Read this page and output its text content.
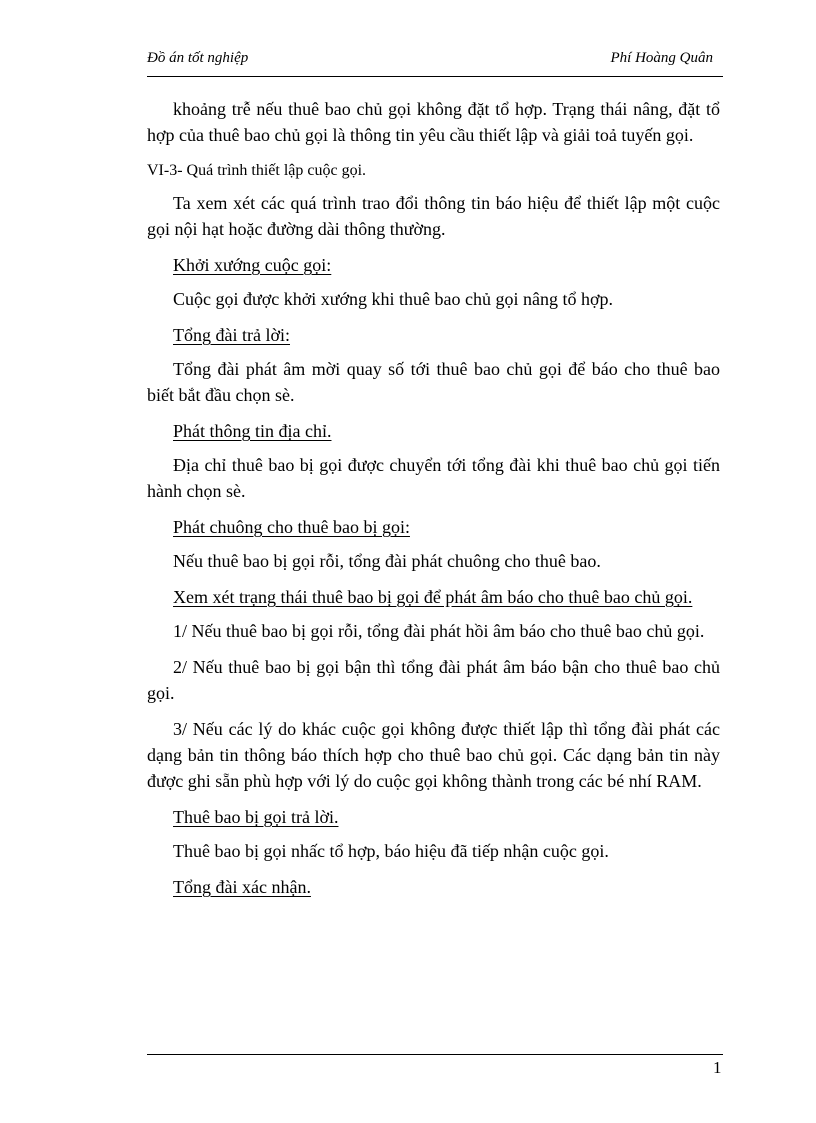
Đồ án tốt nghiệp	Phí Hoàng Quân

khoảng trễ nếu thuê bao chủ gọi không đặt tổ hợp. Trạng thái nâng, đặt tổ hợp của thuê bao chủ gọi là thông tin yêu cầu thiết lập và giải toả tuyến gọi.

VI-3- Quá trình thiết lập cuộc gọi.

Ta xem xét các quá trình trao đổi thông tin báo hiệu để thiết lập một cuộc gọi nội hạt hoặc đường dài thông thường.

Khởi xướng cuộc gọi:

Cuộc gọi được khởi xướng khi thuê bao chủ gọi nâng tổ hợp.

Tổng đài trả lời:

Tổng đài phát âm mời quay số tới thuê bao chủ gọi để báo cho thuê bao biết bắt đầu chọn sè.

Phát thông tin địa chỉ.

Địa chỉ thuê bao bị gọi được chuyển tới tổng đài khi thuê bao chủ gọi tiến hành chọn sè.

Phát chuông cho thuê bao bị gọi:

Nếu thuê bao bị gọi rỗi, tổng đài phát chuông cho thuê bao.

Xem xét trạng thái thuê bao bị gọi để phát âm báo cho thuê bao chủ gọi.

1/ Nếu thuê bao bị gọi rỗi, tổng đài phát hồi âm báo cho thuê bao chủ gọi.

2/ Nếu thuê bao bị gọi bận thì tổng đài phát âm báo bận cho thuê bao chủ gọi.

3/ Nếu các lý do khác cuộc gọi không được thiết lập thì tổng đài phát các dạng bản tin thông báo thích hợp cho thuê bao chủ gọi. Các dạng bản tin này được ghi sẵn phù hợp với lý do cuộc gọi không thành trong các bé nhí RAM.

Thuê bao bị gọi trả lời.

Thuê bao bị gọi nhấc tổ hợp, báo hiệu đã tiếp nhận cuộc gọi.

Tổng đài xác nhận.

1
